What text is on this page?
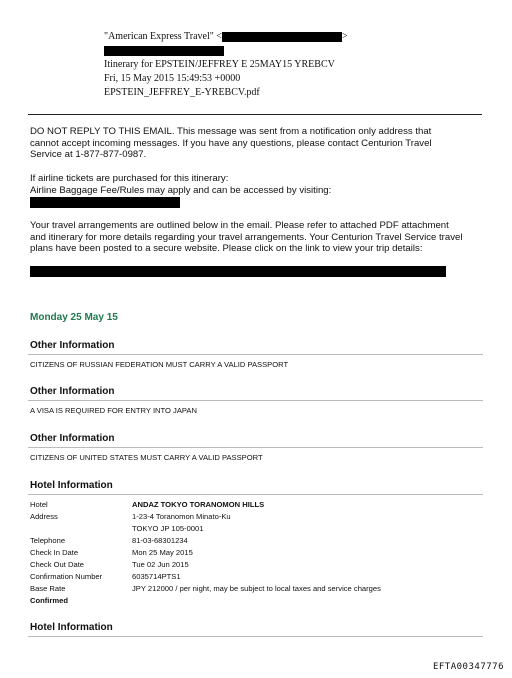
"American Express Travel" <	>
Itinerary for EPSTEIN/JEFFREY E 25MAY15 YREBCV
Fri, 15 May 2015 15:49:53 +0000
EPSTEIN_JEFFREY_E-YREBCV.pdf

DO NOT REPLY TO THIS EMAIL. This message was sent from a notification only address that

cannot accept incoming messages. If you have any questions, please contact Centurion Travel

Service at 1-877-877-0987.

If airline tickets are purchased for this itinerary:

Airline Baggage Fee/Rules may apply and can be accessed by visiting:

Your travel arrangements are outlined below in the email. Please refer to attached PDF attachment

and itinerary for more details regarding your travel arrangements. Your Centurion Travel Service travel

plans have been posted to a secure website. Please click on the link to view your trip details:

Monday 25 May 15
Other Information
CITIZENS OF RUSSIAN FEDERATION MUST CARRY A VALID PASSPORT
Other Information
A VISA IS REQUIRED FOR ENTRY INTO JAPAN
Other Information
CITIZENS OF UNITED STATES MUST CARRY A VALID PASSPORT
Hotel Information
Hotel	ANDAZ TOKYO TORANOMON HILLS
Address	1-23-4 Toranomon Minato-Ku
TOKYO JP 105-0001
Telephone	81-03-68301234
Check In Date	Mon 25 May 2015
Check Out Date	Tue 02 Jun 2015
Confirmation Number	6035714PTS1
Base Rate	JPY 212000 / per night, may be subject to local taxes and service charges
Confirmed
Hotel Information
EFTA00347776
